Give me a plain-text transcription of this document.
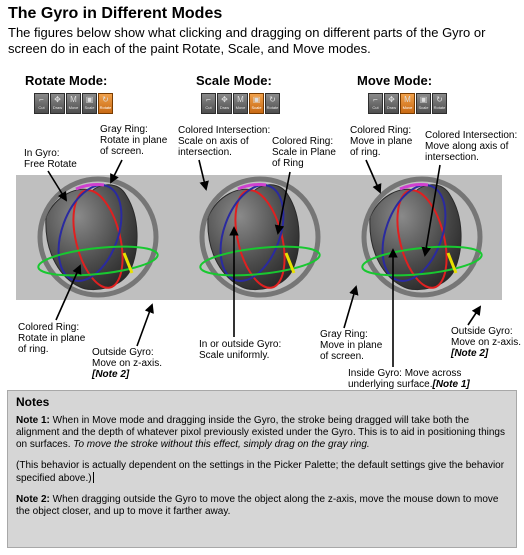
The Gyro in Different Modes
The figures below show what clicking and dragging on different parts of the Gyro or screen do in each of the paint Rotate, Scale, and Move modes.
Rotate Mode:	Scale Mode:	Move Mode:
⌐
Cut
✥
Draw
M
Move
▣
Scale
↻
Rotate
⌐
Cut
✥
Draw
M
Move
▣
Scale
↻
Rotate
⌐
Cut
✥
Draw
M
Move
▣
Scale
↻
Rotate
In Gyro:
Free Rotate
Gray Ring:
Rotate in plane
of screen.
Colored Ring:
Rotate in plane
of ring.	Outside Gyro:
Move on z-axis.
[Note 2]
Colored Intersection:
Scale on axis of
intersection.
Colored Ring:
Scale in Plane
of Ring
In or outside Gyro:
Scale uniformly.
Colored Ring:
Move in plane
of ring.
Colored Intersection:
Move along axis of
intersection.
Gray Ring:
Move in plane
of screen.
Outside Gyro:
Move on z-axis.
[Note 2]
Inside Gyro: Move across
underlying surface.[Note 1]
Notes

Note 1: When in Move mode and dragging inside the Gyro, the stroke being dragged will take both the alignment and the depth of whatever pixol previously existed under the Gyro. This is to aid in positioning things on surfaces. To move the stroke without this effect, simply drag on the gray ring.

(This behavior is actually dependent on the settings in the Picker Palette; the default settings give the behavior specified above.)

Note 2: When dragging outside the Gyro to move the object along the z-axis, move the mouse down to move the object closer, and up to move it farther away.
